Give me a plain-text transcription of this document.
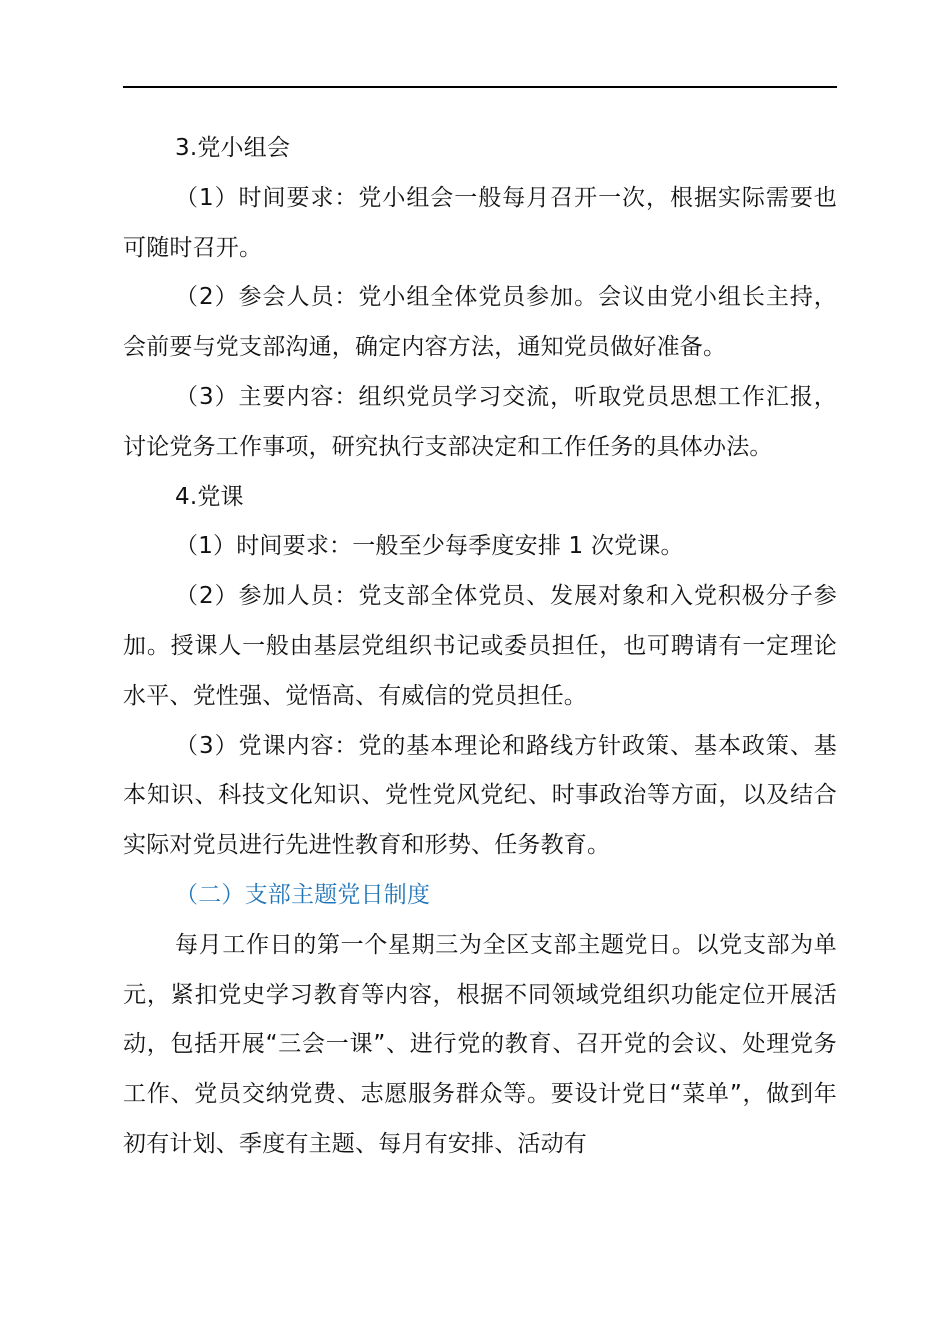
3.党小组会

（1）时间要求：党小组会一般每月召开一次，根据实际需要也可随时召开。

（2）参会人员：党小组全体党员参加。会议由党小组长主持，会前要与党支部沟通，确定内容方法，通知党员做好准备。

（3）主要内容：组织党员学习交流，听取党员思想工作汇报，讨论党务工作事项，研究执行支部决定和工作任务的具体办法。

4.党课

（1）时间要求：一般至少每季度安排 1 次党课。

（2）参加人员：党支部全体党员、发展对象和入党积极分子参加。授课人一般由基层党组织书记或委员担任，也可聘请有一定理论水平、党性强、觉悟高、有威信的党员担任。

（3）党课内容：党的基本理论和路线方针政策、基本政策、基本知识、科技文化知识、党性党风党纪、时事政治等方面，以及结合实际对党员进行先进性教育和形势、任务教育。

（二）支部主题党日制度

每月工作日的第一个星期三为全区支部主题党日。以党支部为单元，紧扣党史学习教育等内容，根据不同领域党组织功能定位开展活动，包括开展“三会一课”、进行党的教育、召开党的会议、处理党务工作、党员交纳党费、志愿服务群众等。要设计党日“菜单”，做到年初有计划、季度有主题、每月有安排、活动有
